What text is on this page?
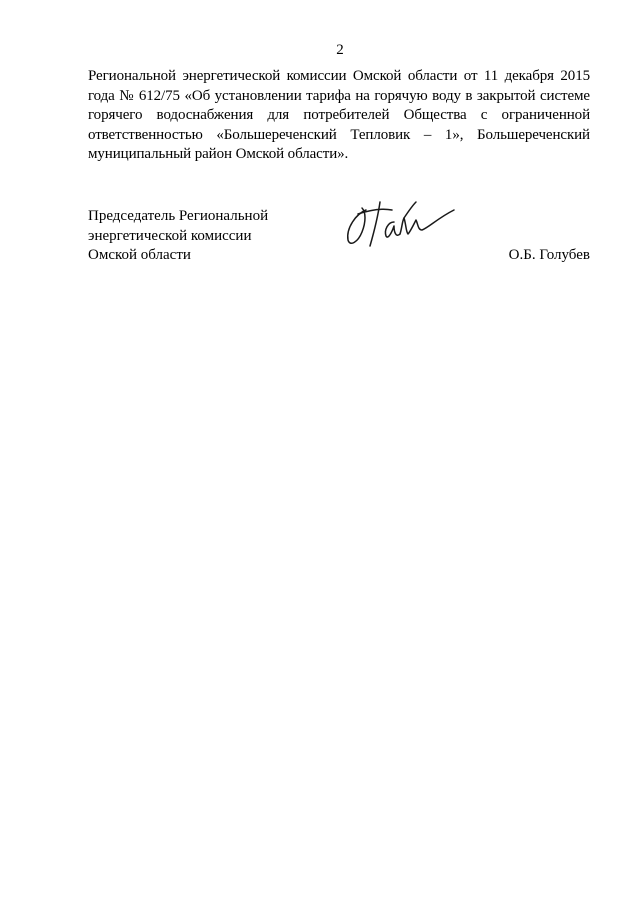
2

Региональной энергетической комиссии Омской области от 11 декабря 2015 года № 612/75 «Об установлении тарифа на горячую воду в закрытой системе горячего водоснабжения для потребителей Общества с ограниченной ответственностью «Большереченский Тепловик – 1», Большереченский муниципальный район Омской области».

Председатель Региональной
энергетической комиссии
Омской области	О.Б. Голубев
